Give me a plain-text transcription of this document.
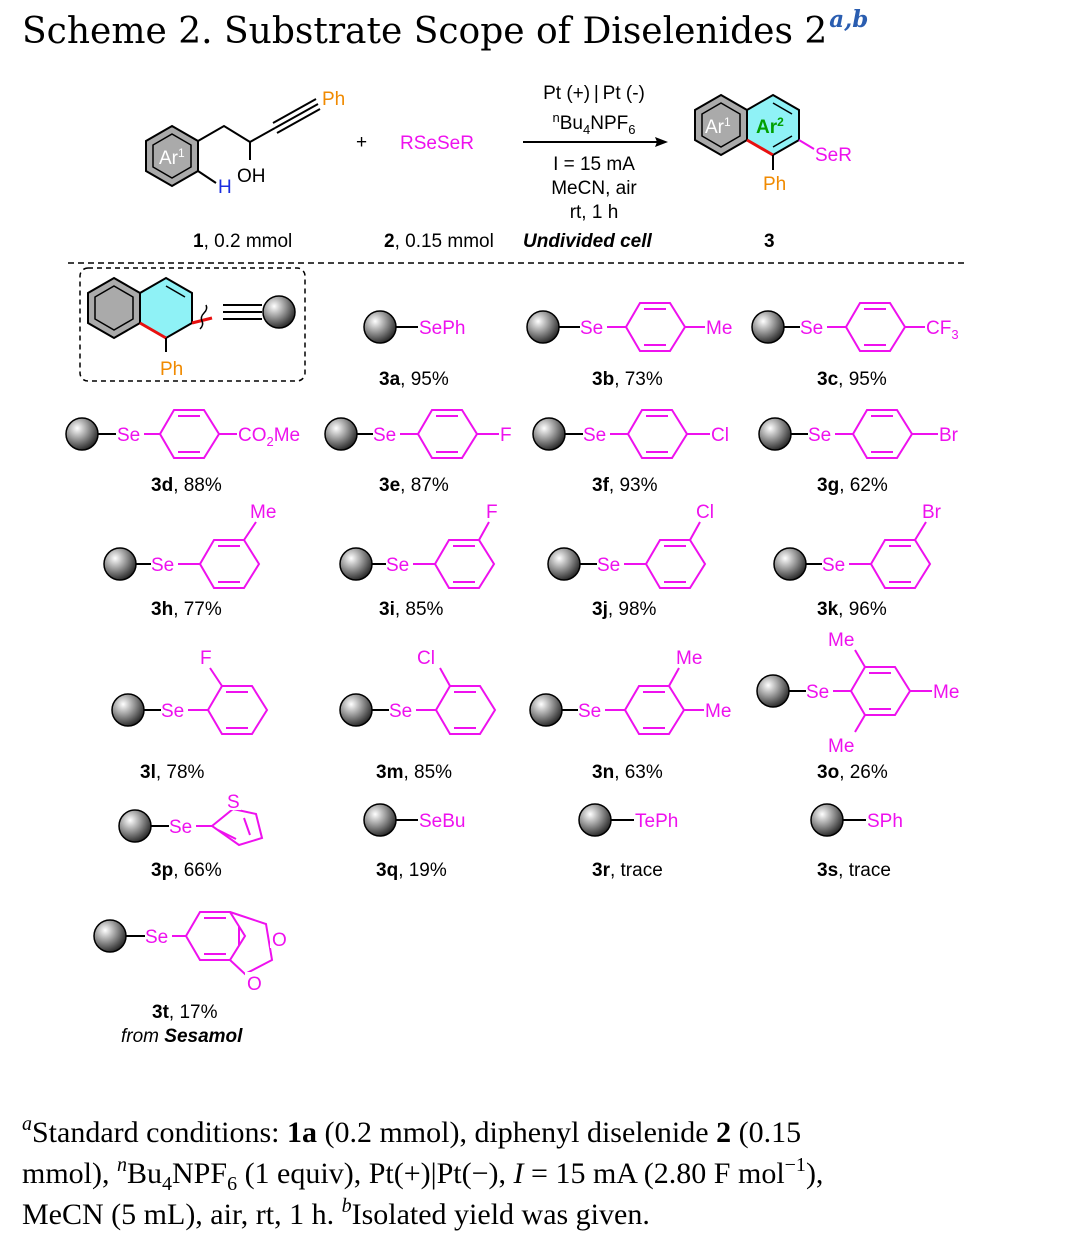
Scheme 2. Substrate Scope of Diselenides 2$^{a,b}$
Ar$^1$
H
OH
Ph
+ RSeSeR
Pt (+) | Pt (-)
$^nBu_4NPF_6$
I = 15 mA
MeCN, air
rt, 1 h
Ar$^1$ Ar$^2$
SeR
Ph
1, 0.2 mmol	2, 0.15 mmol Undivided cell	3
Ph
SePh	Se	Me	Se	$CF_3$
3a, 95%	3b, 73%	3c, 95%
Se	$CO_2Me$	Se	F	Se	Cl	Se	Br
3d, 88%	3e, 87%	3f, 93%	3g, 62%
Se
Me
Se
F
Se
Cl
Se
Br
3h, 77%	3i, 85%	3j, 98%	3k, 96%
Se
F
Se
Cl
Se
Me
Me
Se
Me
Me
Me
3l, 78%	3m, 85%	3n, 63%	3o, 26%
Se
S
SeBu	TePh	SPh
3p, 66%	3q, 19%	3r, trace	3s, trace
Se	O
O
3t, 17%
from Sesamol
$^a$Standard conditions: 1a (0.2 mmol), diphenyl diselenide 2 (0.15
mmol), $^nBu_4NPF_6$ (1 equiv), Pt(+)|Pt(−), I = 15 mA (2.80 F mol$^{-1}$),
MeCN (5 mL), air, rt, 1 h. $^b$Isolated yield was given.
